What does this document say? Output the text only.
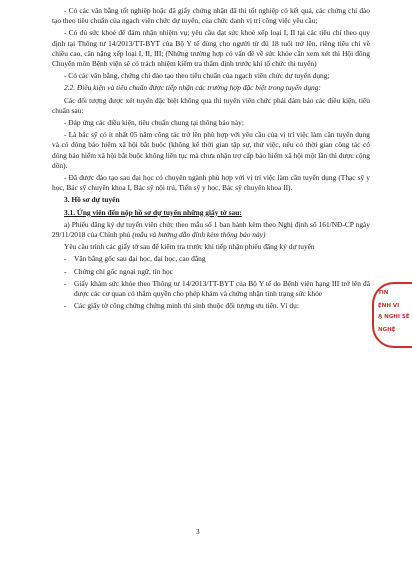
- Có các văn bằng tốt nghiệp hoặc đã giấy chứng nhận đã thi tốt nghiệp có kết quả, các chứng chỉ đào tạo theo tiêu chuẩn của ngạch viên chức dự tuyển, của chức danh vị trí công việc yêu cầu;

- Có đủ sức khoẻ để đảm nhận nhiệm vụ; yêu cầu đạt sức khoẻ xếp loại I, II tại các tiêu chí theo quy định tại Thông tư 14/2013/TT-BYT của Bộ Y tế dùng cho người từ đủ 18 tuổi trở lên, riêng tiêu chí về chiều cao, cân nặng xếp loại I, II, III; (Những trường hợp có vấn đề về sức khỏe cần xem xét thì Hội đồng Chuyên môn Bệnh viện sẽ có trách nhiệm kiểm tra thẩm định trước khi tổ chức thi tuyển)

- Có các văn bằng, chứng chỉ đào tạo theo tiêu chuẩn của ngạch viên chức dự tuyển dụng;

2.2. Điều kiện và tiêu chuẩn được tiếp nhận các trường hợp đặc biệt trong tuyển dụng:

Các đối tượng được xét tuyển đặc biệt không qua thi tuyển viên chức phải đảm bảo các điều kiện, tiêu chuẩn sau:

- Đáp ứng các điều kiện, tiêu chuẩn chung tại thông báo này;

- Là bác sỹ có ít nhất 05 năm công tác trở lên phù hợp với yêu cầu của vị trí việc làm cần tuyển dụng và có đóng bảo hiểm xã hội bắt buộc (không kể thời gian tập sự, thử việc, nếu có thời gian công tác có đóng bảo hiểm xã hội bắt buộc không liên tục mà chưa nhận trợ cấp bảo hiểm xã hội một lần thì được cộng dồn).

- Đã được đào tạo sau đại học có chuyên ngành phù hợp với vị trí việc làm cần tuyển dụng (Thạc sỹ y học, Bác sỹ chuyên khoa I, Bác sỹ nội trú, Tiến sỹ y học, Bác sỹ chuyên khoa II).

3. Hồ sơ dự tuyển

3.1. Ứng viên đến nộp hồ sơ dự tuyển những giấy tờ sau:

a) Phiếu đăng ký dự tuyển viên chức theo mẫu số 1 ban hành kèm theo Nghị định số 161/NĐ-CP ngày 29/11/2018 của Chính phủ (mẫu và hướng dẫn đính kèm thông báo này)

Yêu cầu trình các giấy tờ sau để kiểm tra trước khi tiếp nhận phiếu đăng ký dự tuyển

- Văn bằng gốc sau đại học, đại học, cao đẳng
- Chứng chỉ gốc ngoại ngữ, tin học
- Giấy khám sức khỏe theo Thông tư 14/2013/TT-BYT của Bộ Y tế do Bệnh viện hạng III trở lên đã được các cơ quan có thẩm quyền cho phép khám và chứng nhận tình trạng sức khỏe
- Các giấy tờ công chứng chứng minh thì sinh thuộc đối tượng ưu tiên. Ví dụ:
3
TIN
ỆNH VI
Ạ NGHI SẼ
NGHỆ
